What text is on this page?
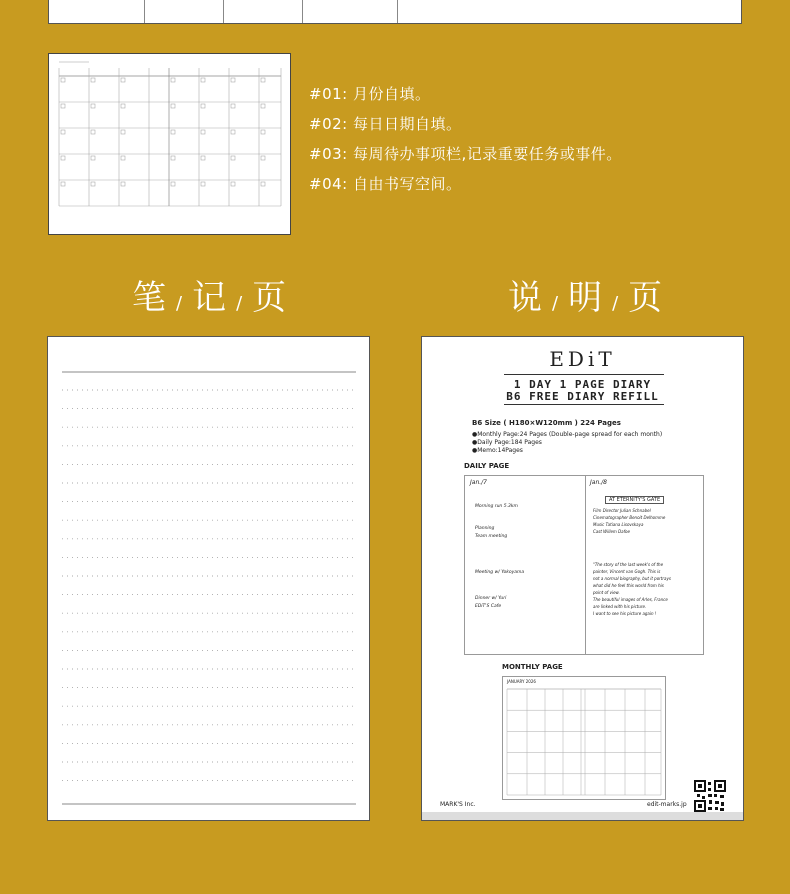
#01: 月份自填。
#02: 每日日期自填。
#03: 每周待办事项栏,记录重要任务或事件。
#04: 自由书写空间。
笔 / 记 / 页	说 / 明 / 页
EDiT
1 DAY 1 PAGE DIARY
B6 FREE DIARY REFILL
B6 Size ( H180×W120mm ) 224 Pages
●Monthly Page:24 Pages (Double-page spread for each month)
●Daily Page:184 Pages
●Memo:14Pages
DAILY PAGE
Jan./7	Jan./8
AT ETERNITY'S GATE
Morning run 5.3km
Planning
Team meeting
Meeting w/ Yokoyama
Dinner w/ Yuri
EDiT'S Cafe
Film Director Julian Schnabel
Cinematographer Benoit Delhomme
Music Tatiana Lisovskaya
Cast Willem Dafoe
"The story of the last week's of the
painter, Vincent van Gogh. This is
not a normal biography, but it portrays
what did he feel this world from his
point of view.
The beautiful images of Arles, France
are linked with his picture.
I want to see his picture again !
MONTHLY PAGE
JANUARY 2026
MARK'S Inc.	edit-marks.jp
